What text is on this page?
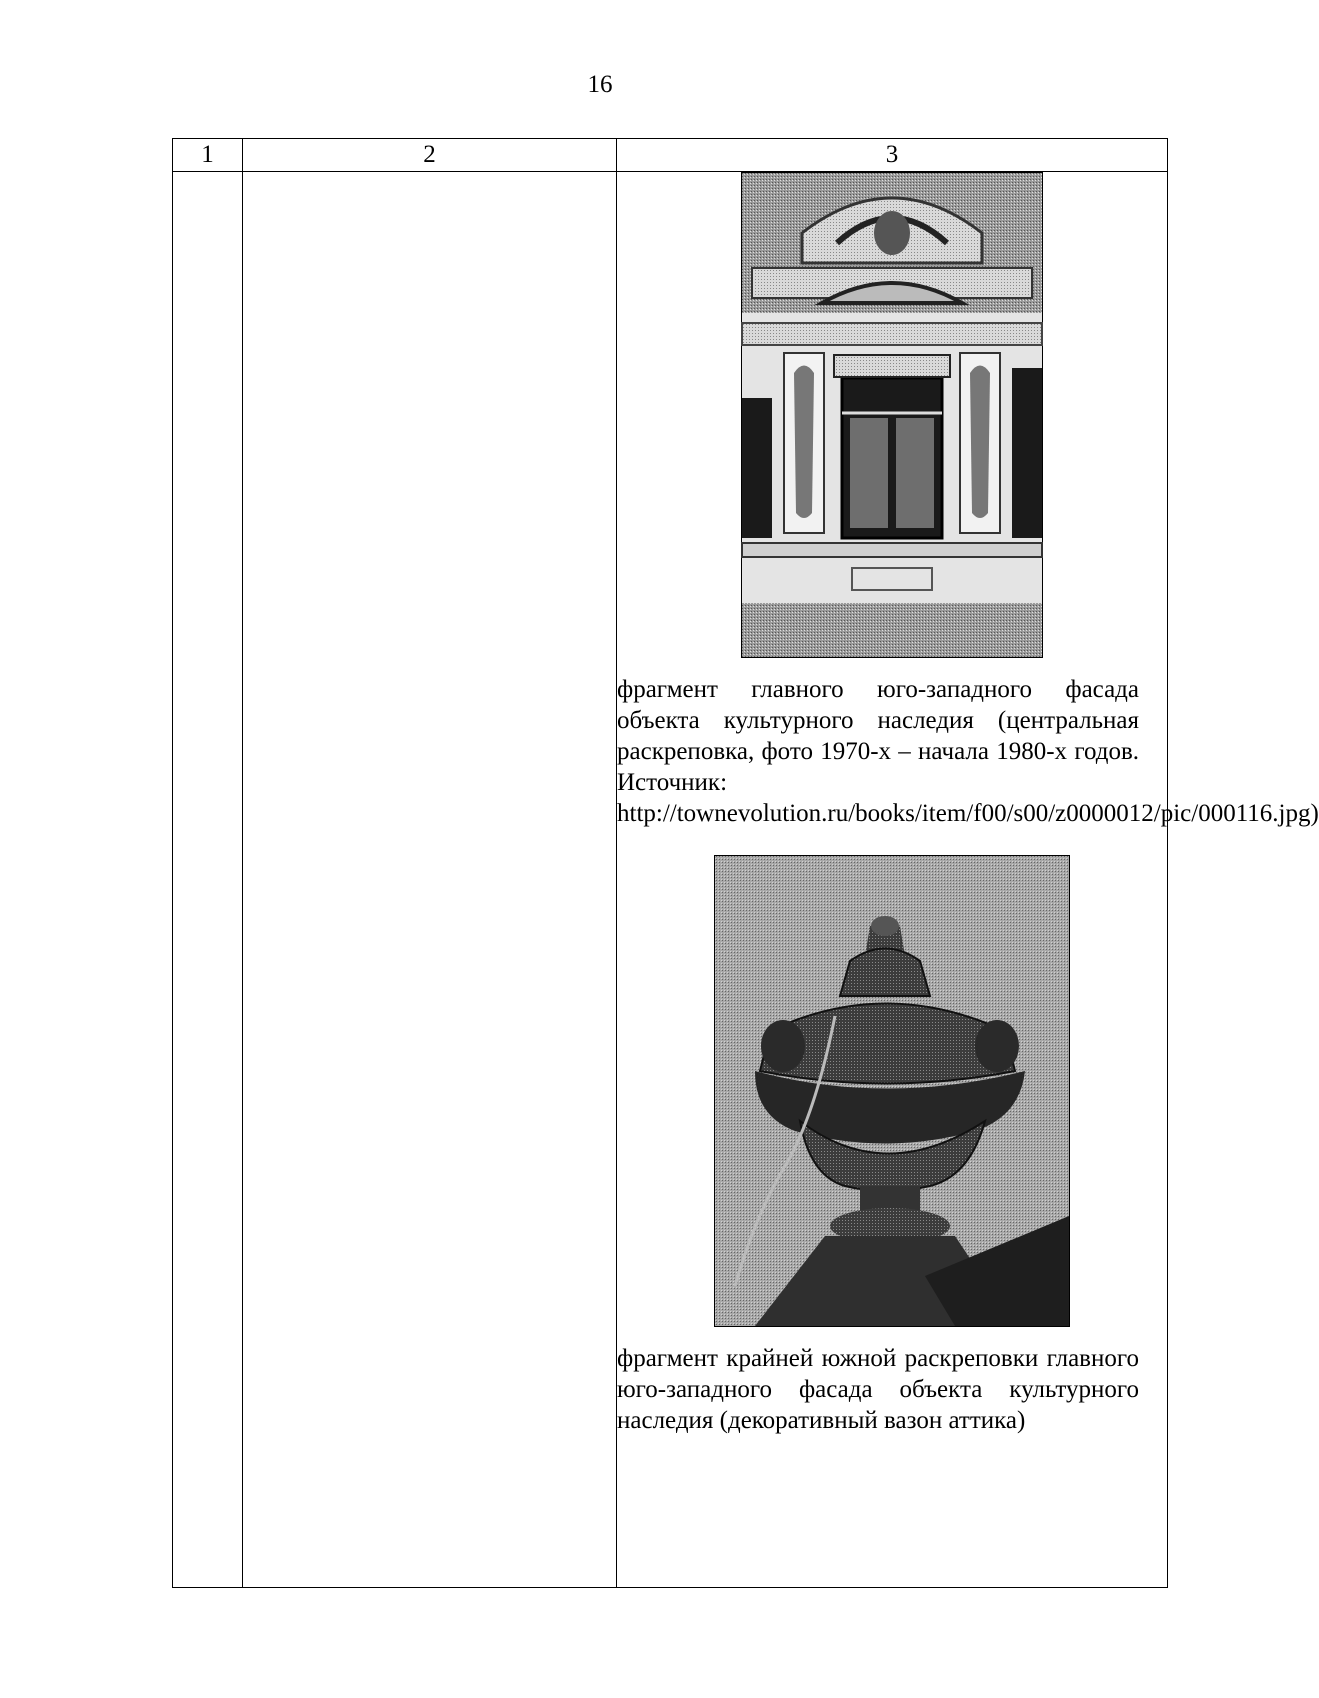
16
1	2	3

		фрагмент главного юго-западного фасада объекта культурного наследия (центральная раскреповка, фото 1970-х – начала 1980-х годов. Источник: http://townevolution.ru/books/item/f00/s00/z0000012/pic/000116.jpg)

фрагмент крайней южной раскреповки главного юго-западного фасада объекта культурного наследия (декоративный вазон аттика)
